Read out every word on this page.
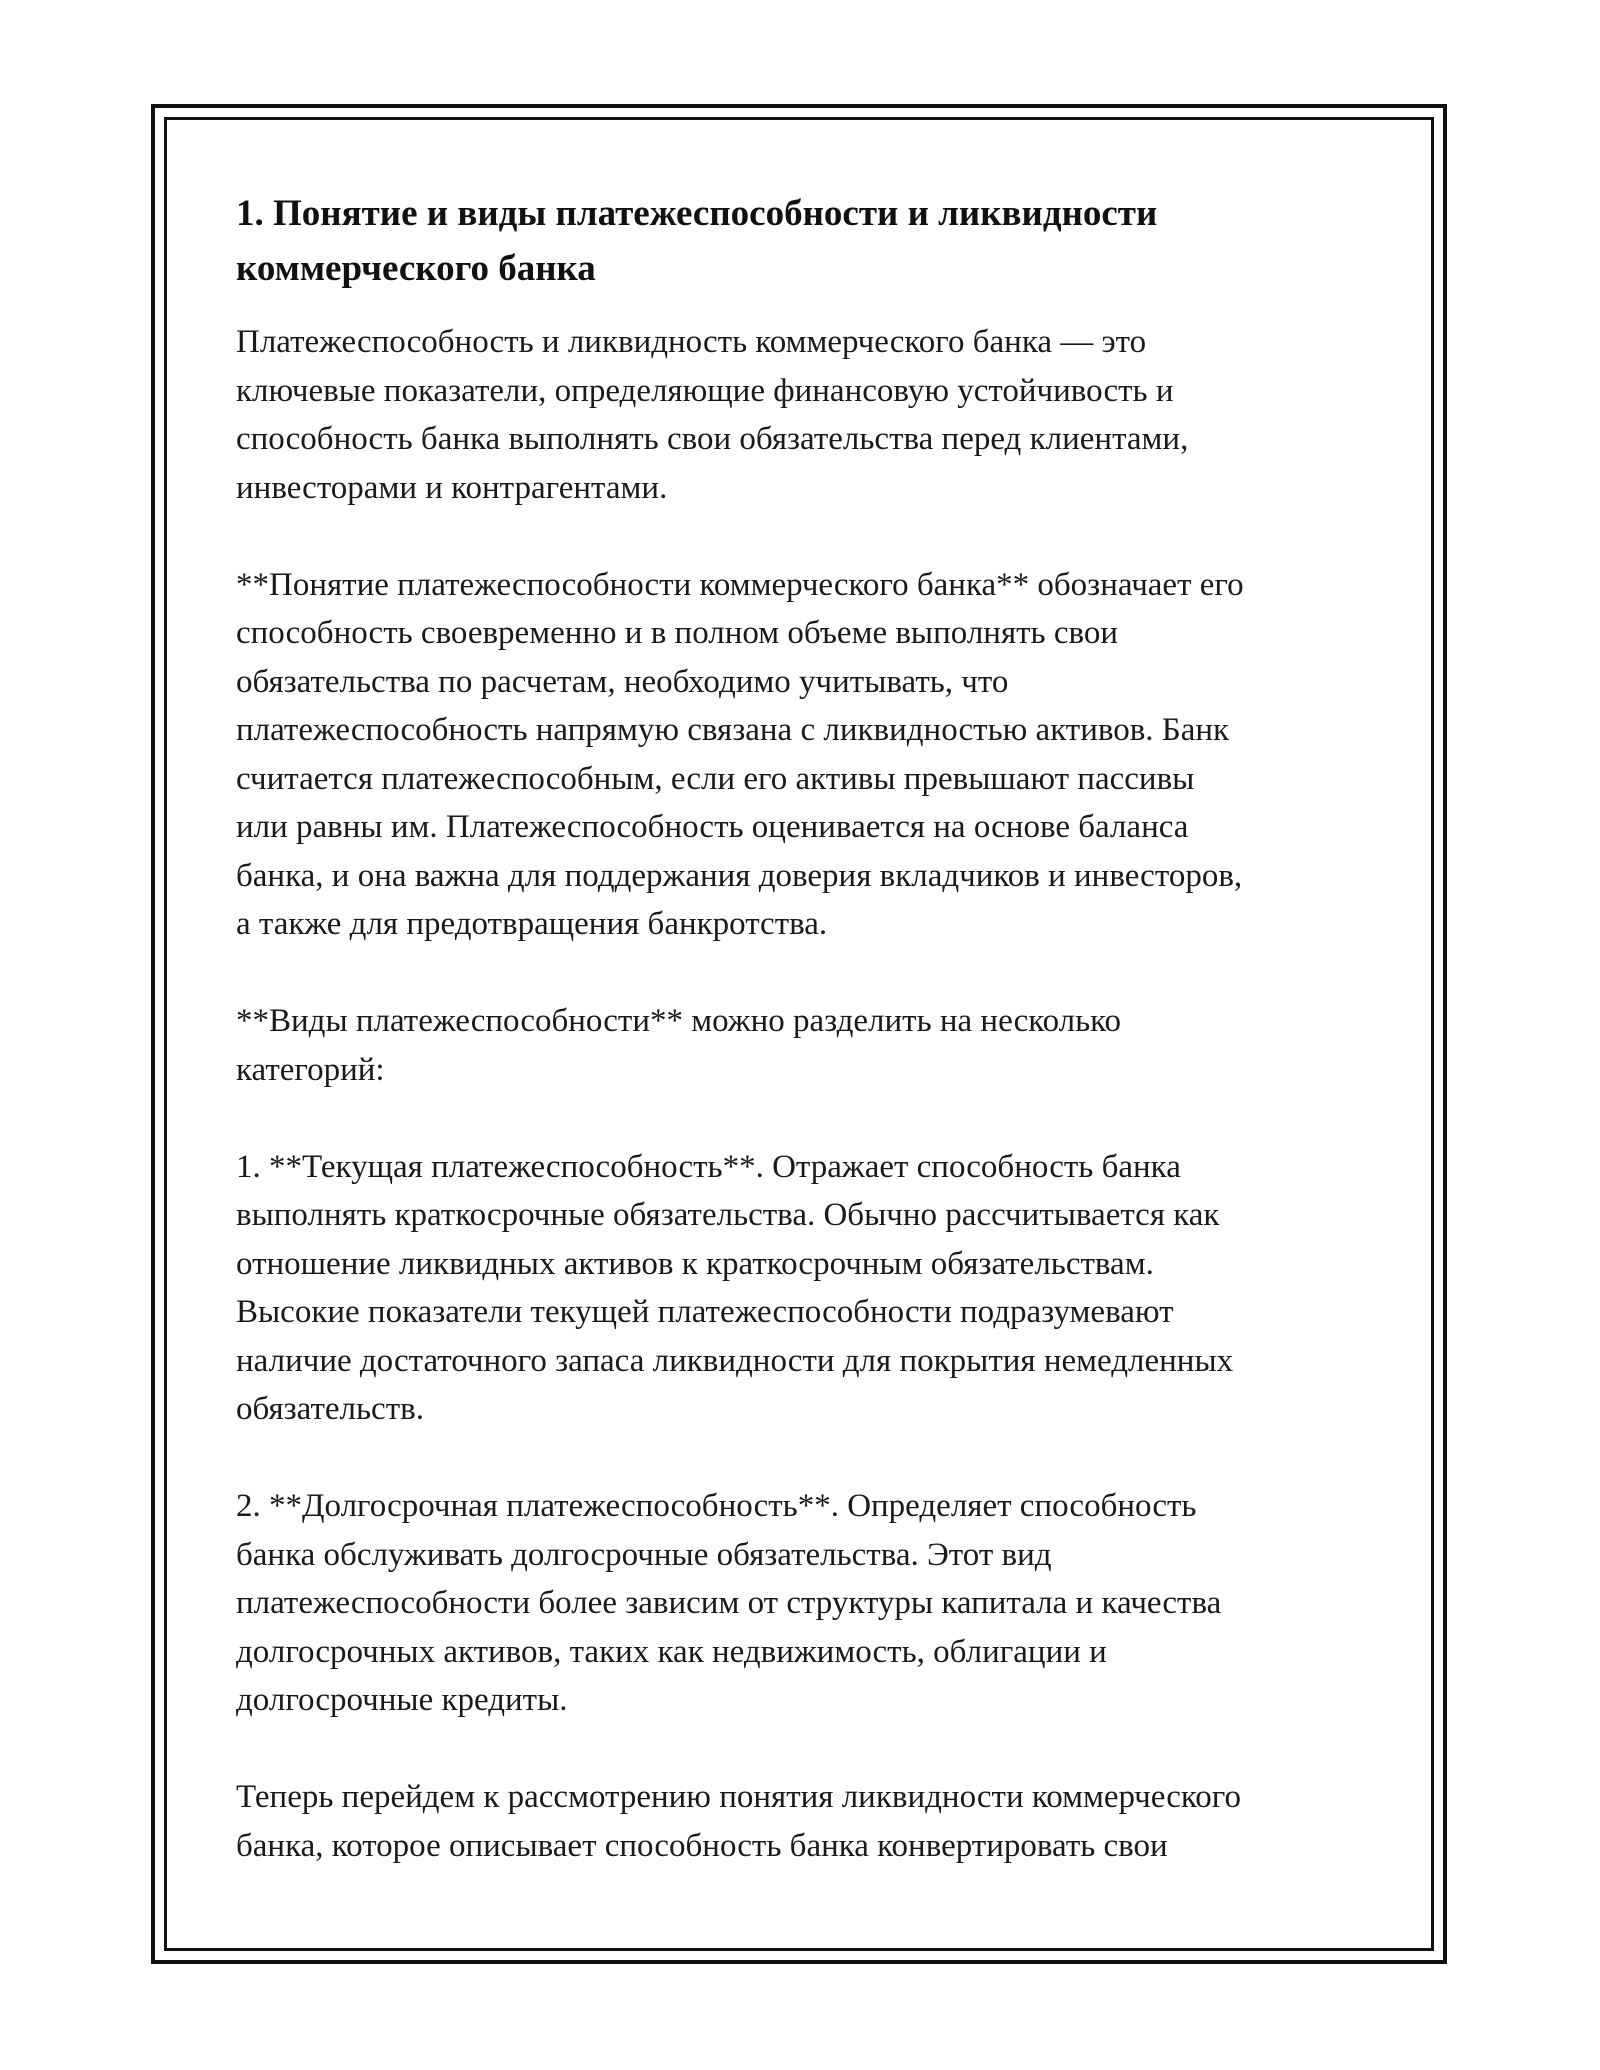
1. Понятие и виды платежеспособности и ликвидности
коммерческого банка

Платежеспособность и ликвидность коммерческого банка — это
ключевые показатели, определяющие финансовую устойчивость и
способность банка выполнять свои обязательства перед клиентами,
инвесторами и контрагентами.

**Понятие платежеспособности коммерческого банка** обозначает его
способность своевременно и в полном объеме выполнять свои
обязательства по расчетам, необходимо учитывать, что
платежеспособность напрямую связана с ликвидностью активов. Банк
считается платежеспособным, если его активы превышают пассивы
или равны им. Платежеспособность оценивается на основе баланса
банка, и она важна для поддержания доверия вкладчиков и инвесторов,
а также для предотвращения банкротства.

**Виды платежеспособности** можно разделить на несколько
категорий:

1. **Текущая платежеспособность**. Отражает способность банка
выполнять краткосрочные обязательства. Обычно рассчитывается как
отношение ликвидных активов к краткосрочным обязательствам.
Высокие показатели текущей платежеспособности подразумевают
наличие достаточного запаса ликвидности для покрытия немедленных
обязательств.

2. **Долгосрочная платежеспособность**. Определяет способность
банка обслуживать долгосрочные обязательства. Этот вид
платежеспособности более зависим от структуры капитала и качества
долгосрочных активов, таких как недвижимость, облигации и
долгосрочные кредиты.

Теперь перейдем к рассмотрению понятия ликвидности коммерческого
банка, которое описывает способность банка конвертировать свои
